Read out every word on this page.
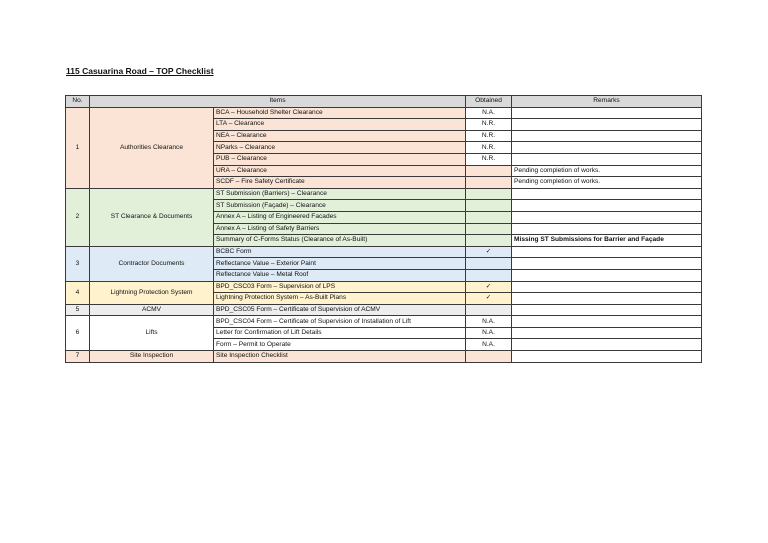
115 Casuarina Road – TOP Checklist
No.	Items		Obtained	Remarks
1	Authorities Clearance	BCA – Household Shelter Clearance	N.A.	
		LTA – Clearance	N.R.	
		NEA – Clearance	N.R.	
		NParks – Clearance	N.R.	
		PUB – Clearance	N.R.	
		URA – Clearance		Pending completion of works.
		SCDF – Fire Safety Certificate		Pending completion of works.
2	ST Clearance & Documents	ST Submission (Barriers) – Clearance		
		ST Submission (Façade) – Clearance		
		Annex A – Listing of Engineered Facades		
		Annex A – Listing of Safety Barriers		
		Summary of C-Forms Status (Clearance of As-Built)		Missing ST Submissions for Barrier and Façade
3	Contractor Documents	BCBC Form	✓	
		Reflectance Value – Exterior Paint		
		Reflectance Value – Metal Roof		
4	Lightning Protection System	BPD_CSC03 Form – Supervision of LPS	✓	
		Lightning Protection System – As-Built Plans	✓	
5	ACMV	BPD_CSC05 Form – Certificate of Supervision of ACMV		
6	Lifts	BPD_CSC04 Form – Certificate of Supervision of Installation of Lift	N.A.	
		Letter for Confirmation of Lift Details	N.A.	
		Form – Permit to Operate	N.A.	
7	Site Inspection	Site Inspection Checklist		
